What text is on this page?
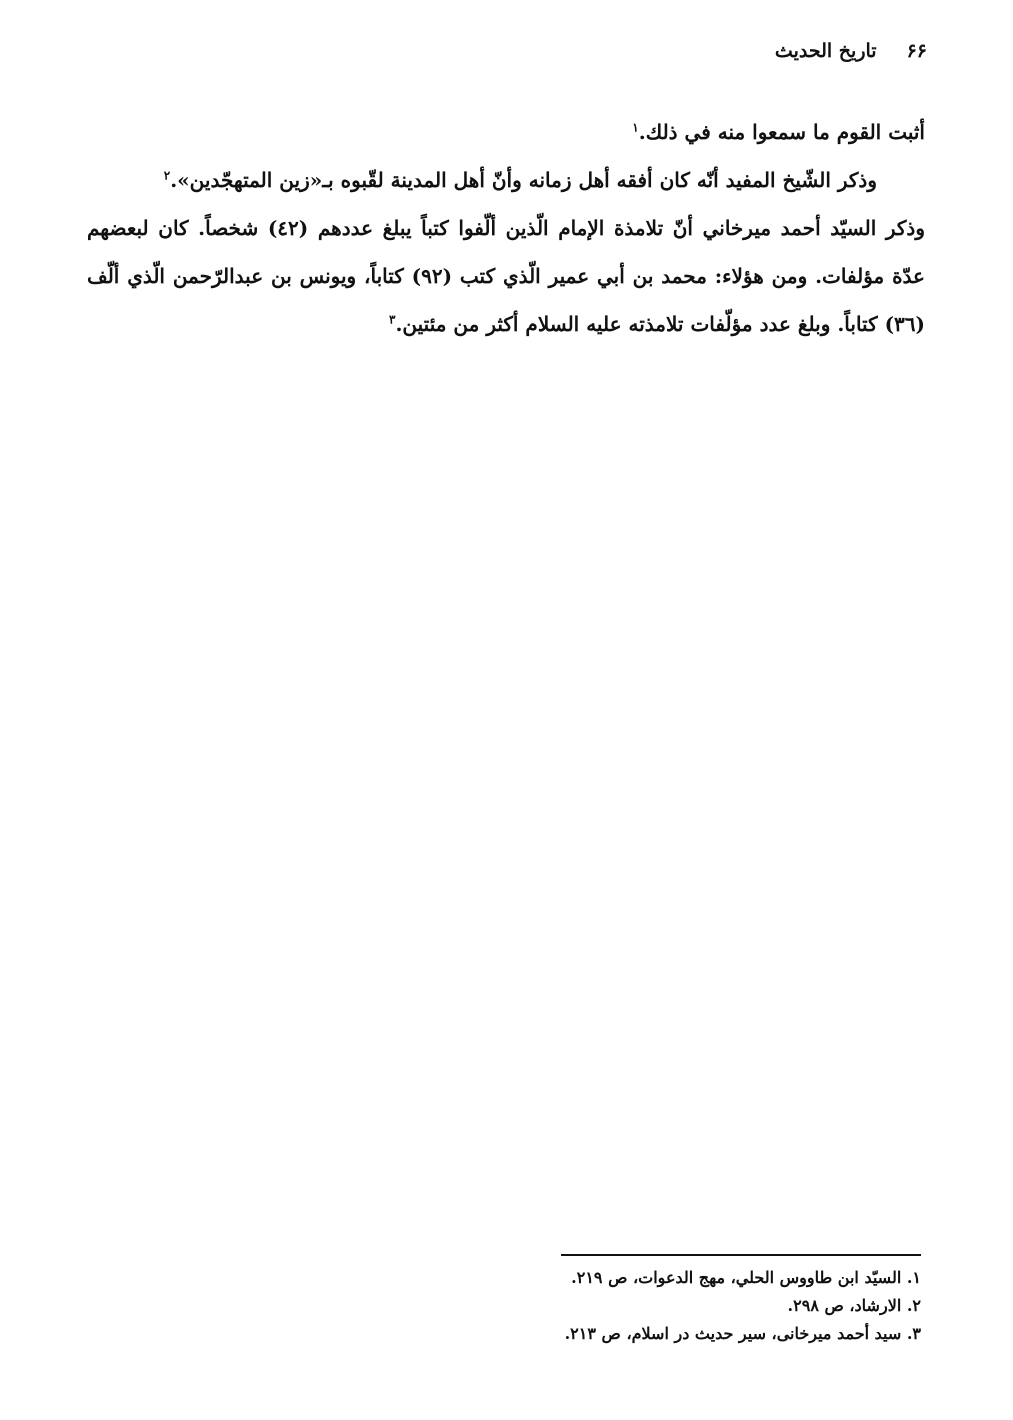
۶۶
تاريخ الحديث

أثبت القوم ما سمعوا منه في ذلك.$^۱$

وذكر الشّيخ المفيد أنّه كان أفقه أهل زمانه وأنّ أهل المدينة لقّبوه بـ«زين المتهجّدين».$^۲$

وذكر السيّد أحمد ميرخاني أنّ تلامذة الإمام الّذين ألّفوا كتباً يبلغ عددهم (٤٢) شخصاً. كان لبعضهم عدّة مؤلفات. ومن هؤلاء: محمد بن أبي عمير الّذي كتب (٩٢) كتاباً، ويونس بن عبدالرّحمن الّذي ألّف (٣٦) كتاباً. وبلغ عدد مؤلّفات تلامذته عليه السلام أكثر من مئتين.$^۳$

١. السيّد ابن طاووس الحلي، مهج الدعوات، ص ٢١٩.
٢. الارشاد، ص ٢٩٨.
٣. سيد أحمد ميرخانى، سير حديث در اسلام، ص ٢١٣.
